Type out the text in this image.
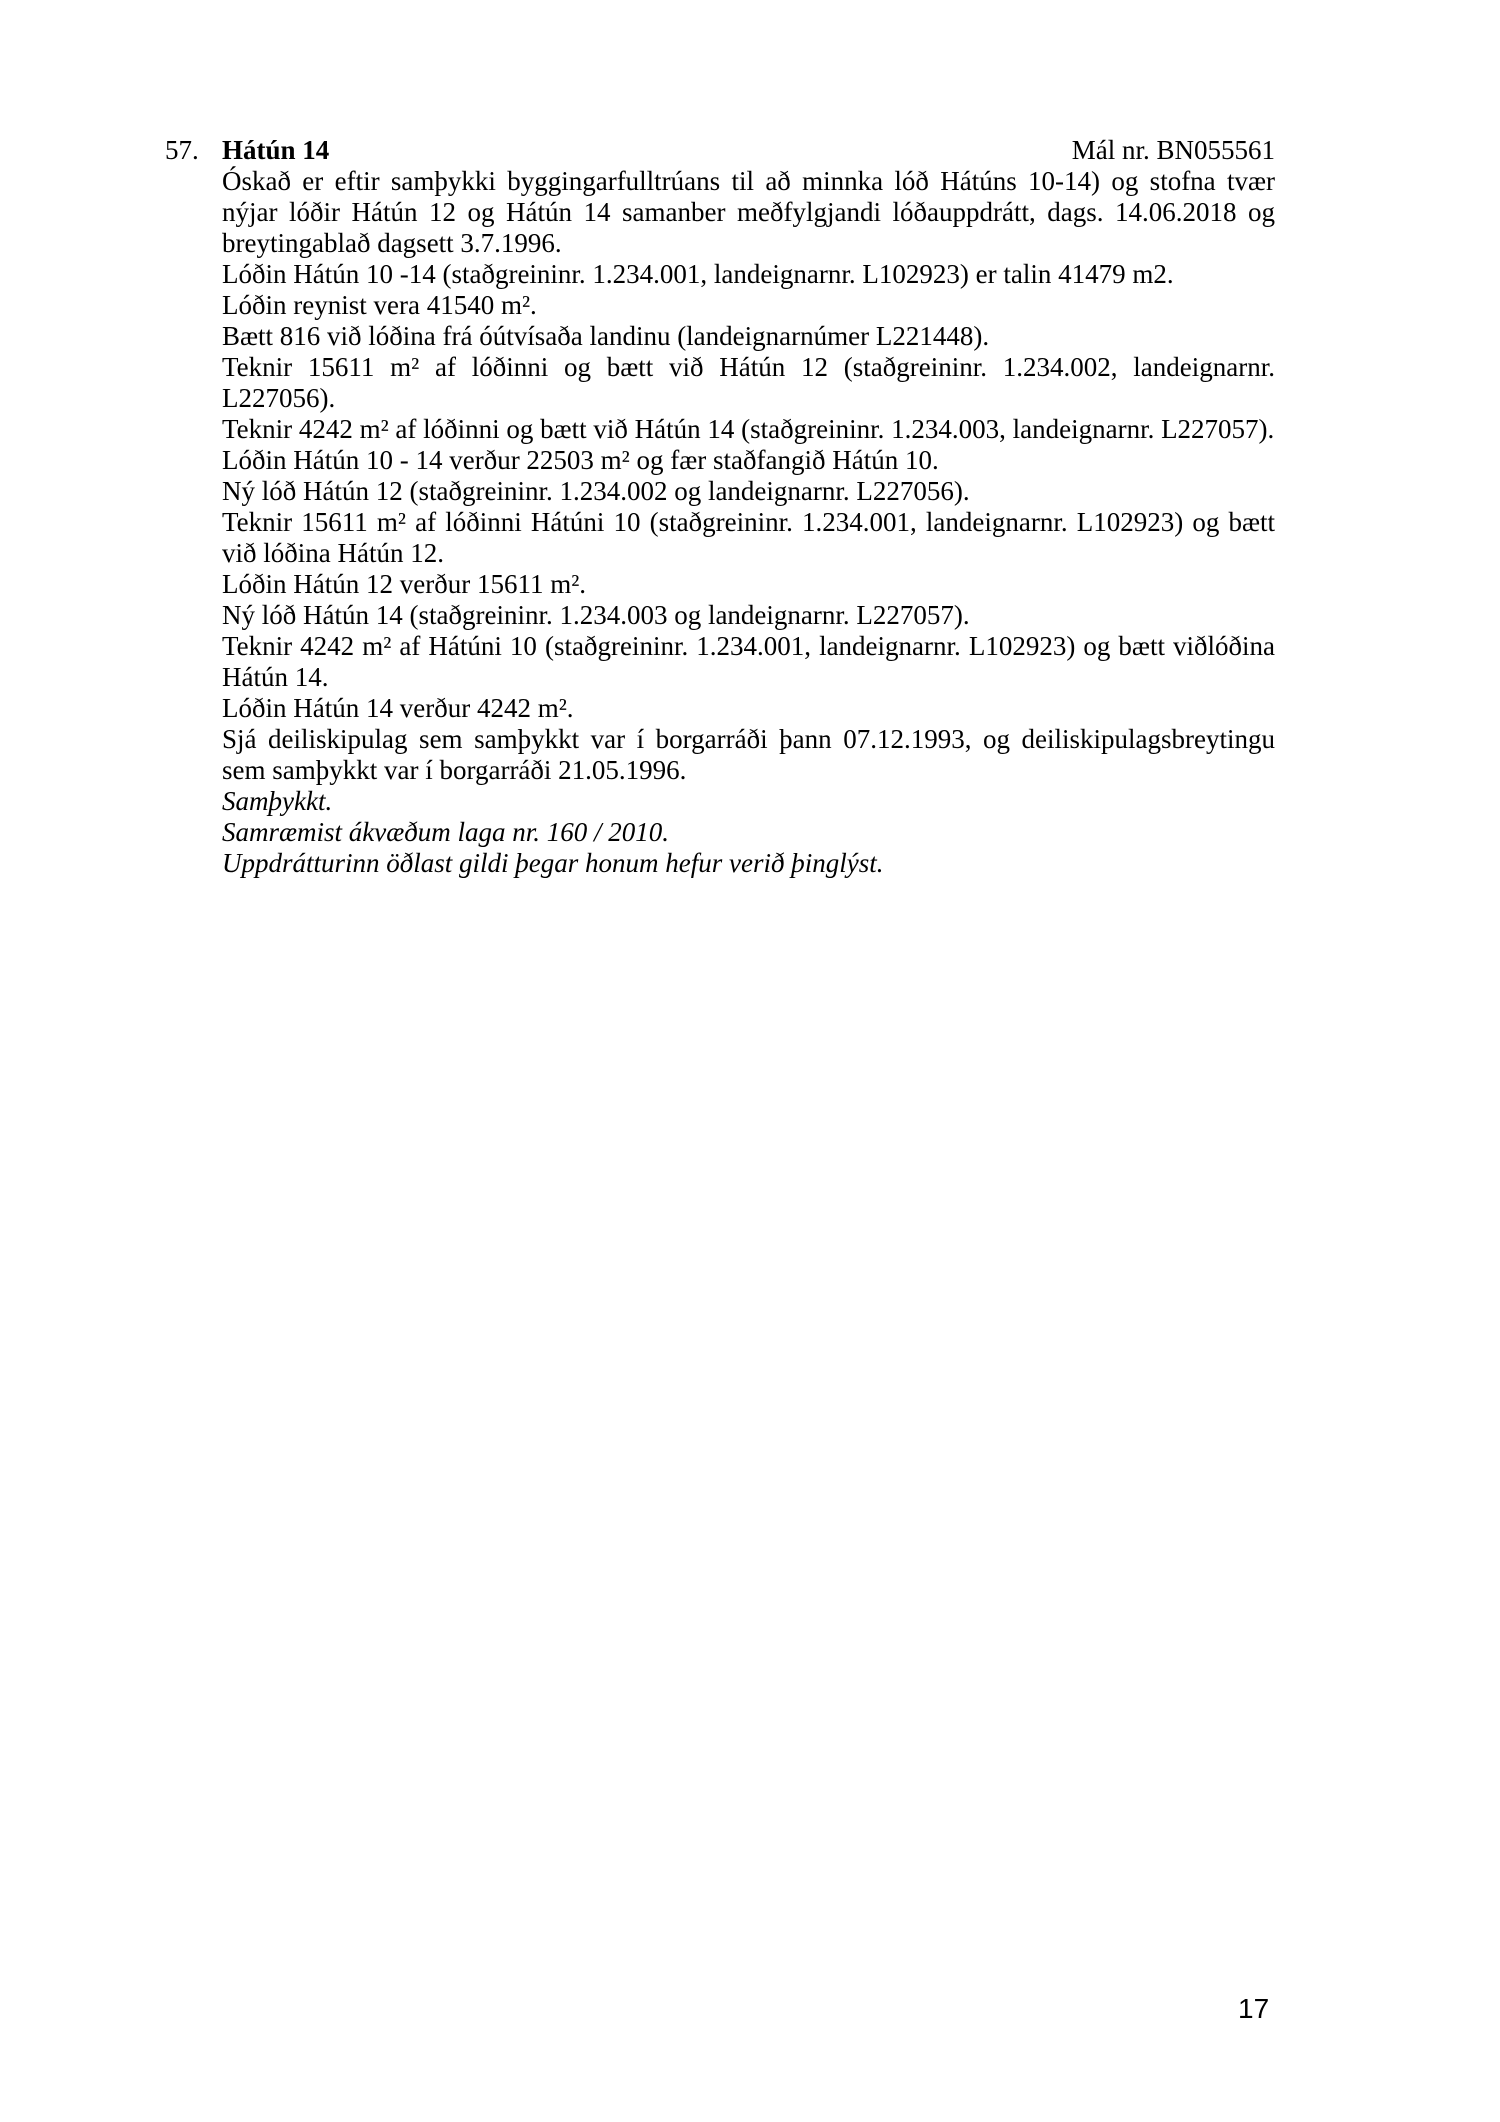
57. Hátún 14	Mál nr. BN055561

Óskað er eftir samþykki byggingarfulltrúans til að minnka lóð Hátúns 10-14) og stofna tvær nýjar lóðir Hátún 12 og Hátún 14 samanber meðfylgjandi lóðauppdrátt, dags. 14.06.2018 og breytingablað dagsett 3.7.1996.

Lóðin Hátún 10 -14 (staðgreininr. 1.234.001, landeignarnr. L102923) er talin 41479 m2.

Lóðin reynist vera 41540 m².

Bætt 816 við lóðina frá óútvísaða landinu (landeignarnúmer L221448).

Teknir 15611 m² af lóðinni og bætt við Hátún 12 (staðgreininr. 1.234.002, landeignarnr. L227056).

Teknir 4242 m² af lóðinni og bætt við Hátún 14 (staðgreininr. 1.234.003, landeignarnr. L227057).

Lóðin Hátún 10 - 14 verður 22503 m² og fær staðfangið Hátún 10.

Ný lóð Hátún 12 (staðgreininr. 1.234.002 og landeignarnr. L227056).

Teknir 15611 m² af lóðinni Hátúni 10 (staðgreininr. 1.234.001, landeignarnr. L102923) og bætt við lóðina Hátún 12.

Lóðin Hátún 12 verður 15611 m².

Ný lóð Hátún 14 (staðgreininr. 1.234.003 og landeignarnr. L227057).

Teknir 4242 m² af Hátúni 10 (staðgreininr. 1.234.001, landeignarnr. L102923) og bætt viðlóðina Hátún 14.

Lóðin Hátún 14 verður 4242 m².

Sjá deiliskipulag sem samþykkt var í borgarráði þann 07.12.1993, og deiliskipulagsbreytingu sem samþykkt var í borgarráði 21.05.1996.

Samþykkt.

Samræmist ákvæðum laga nr. 160 / 2010.

Uppdrátturinn öðlast gildi þegar honum hefur verið þinglýst.

17
